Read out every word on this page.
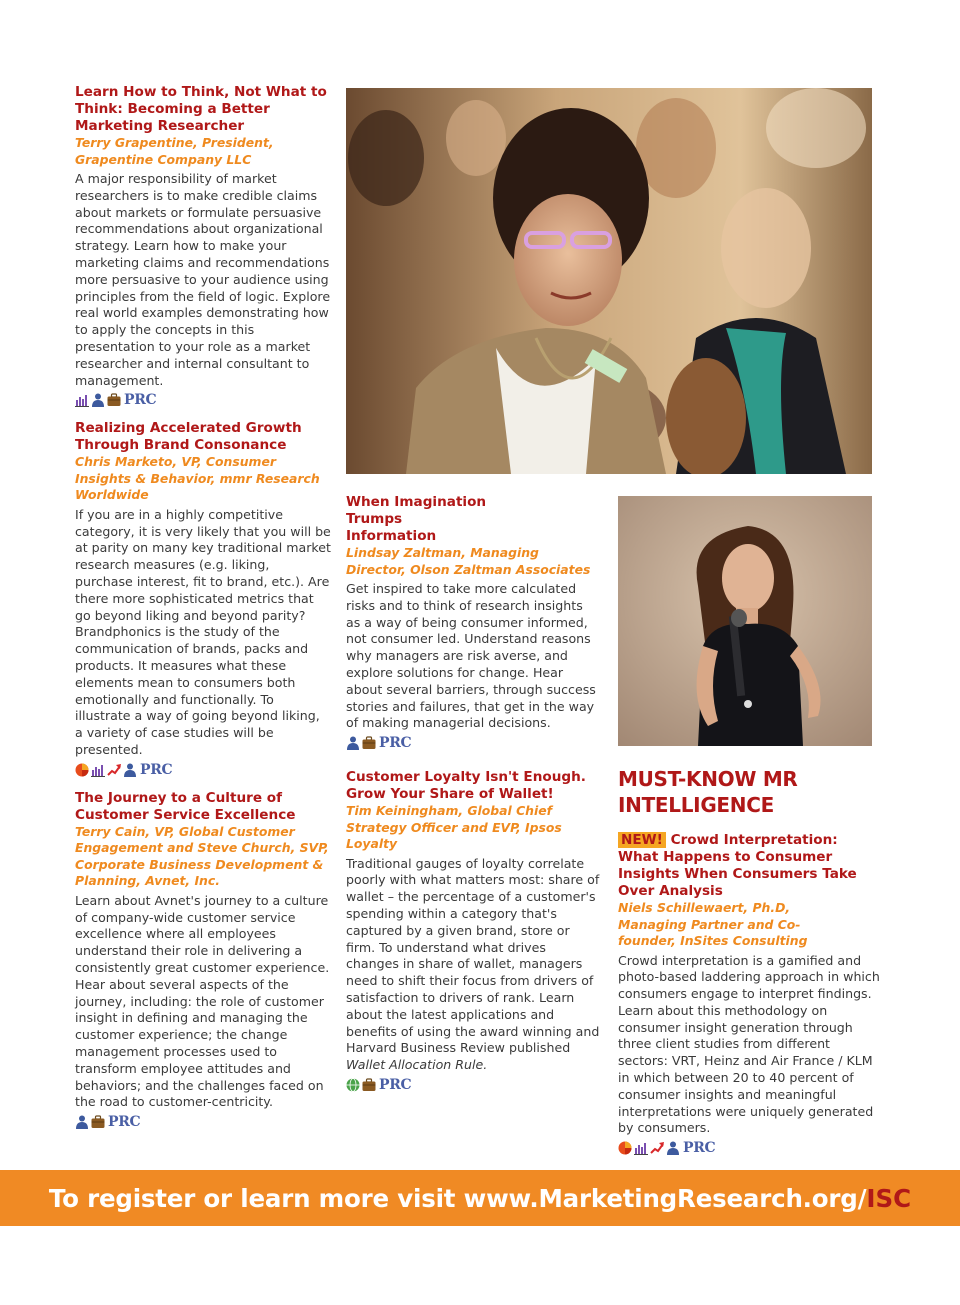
Learn How to Think, Not What to Think: Becoming a Better Marketing Researcher

Terry Grapentine, President, Grapentine Company LLC

A major responsibility of market researchers is to make credible claims about markets or formulate persuasive recommendations about organizational strategy. Learn how to make your marketing claims and recommendations more persuasive to your audience using principles from the field of logic. Explore real world examples demonstrating how to apply the concepts in this presentation to your role as a market researcher and internal consultant to management.

PRC

Realizing Accelerated Growth Through Brand Consonance

Chris Marketo, VP, Consumer Insights & Behavior, mmr Research Worldwide

If you are in a highly competitive category, it is very likely that you will be at parity on many key traditional market research measures (e.g. liking, purchase interest, fit to brand, etc.). Are there more sophisticated metrics that go beyond liking and beyond parity? Brandphonics is the study of the communication of brands, packs and products. It measures what these elements mean to consumers both emotionally and functionally. To illustrate a way of going beyond liking, a variety of case studies will be presented.

PRC

The Journey to a Culture of Customer Service Excellence

Terry Cain, VP, Global Customer Engagement and Steve Church, SVP, Corporate Business Development & Planning, Avnet, Inc.

Learn about Avnet's journey to a culture of company-wide customer service excellence where all employees understand their role in delivering a consistently great customer experience. Hear about several aspects of the journey, including: the role of customer insight in defining and managing the customer experience; the change management processes used to transform employee attitudes and behaviors; and the challenges faced on the road to customer-centricity.

PRC

When Imagination Trumps Information

Lindsay Zaltman, Managing Director, Olson Zaltman Associates

Get inspired to take more calculated risks and to think of research insights as a way of being consumer informed, not consumer led. Understand reasons why managers are risk averse, and explore solutions for change. Hear about several barriers, through success stories and failures, that get in the way of making managerial decisions.

PRC

Customer Loyalty Isn't Enough. Grow Your Share of Wallet!

Tim Keiningham, Global Chief Strategy Officer and EVP, Ipsos Loyalty

Traditional gauges of loyalty correlate poorly with what matters most: share of wallet – the percentage of a customer's spending within a category that's captured by a given brand, store or firm. To understand what drives changes in share of wallet, managers need to shift their focus from drivers of satisfaction to drivers of rank. Learn about the latest applications and benefits of using the award winning and Harvard Business Review published Wallet Allocation Rule.

PRC
MUST-KNOW MR INTELLIGENCE

NEW! Crowd Interpretation: What Happens to Consumer Insights When Consumers Take Over Analysis

Niels Schillewaert, Ph.D, Managing Partner and Co-founder, InSites Consulting

Crowd interpretation is a gamified and photo-based laddering approach in which consumers engage to interpret findings. Learn about this methodology on consumer insight generation through three client studies from different sectors: VRT, Heinz and Air France / KLM in which between 20 to 40 percent of consumer insights and meaningful interpretations were uniquely generated by consumers.

PRC
To register or learn more visit www.MarketingResearch.org/ ISC
